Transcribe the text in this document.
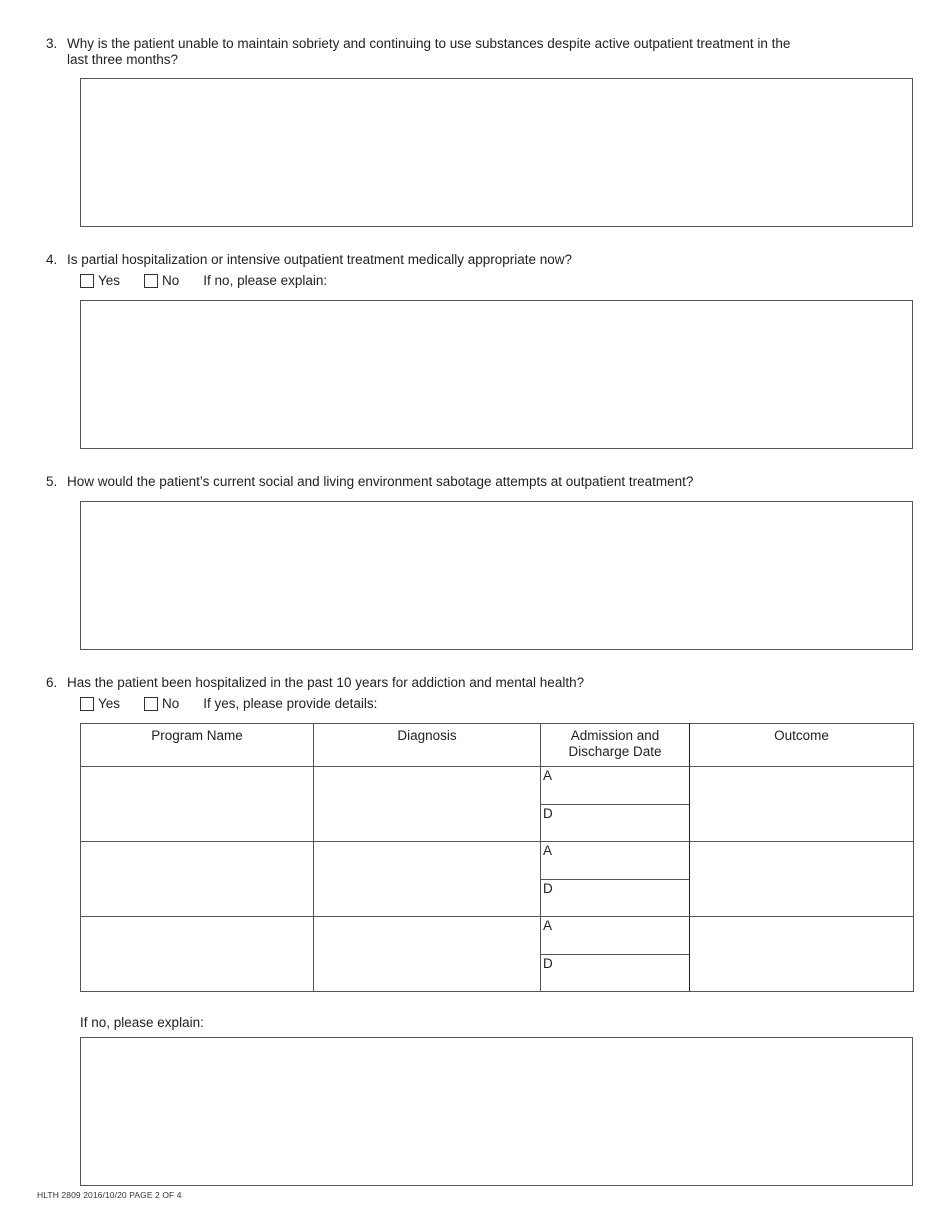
3. Why is the patient unable to maintain sobriety and continuing to use substances despite active outpatient treatment in the last three months?
4. Is partial hospitalization or intensive outpatient treatment medically appropriate now?
Yes	No If no, please explain:
5. How would the patient’s current social and living environment sabotage attempts at outpatient treatment?
6. Has the patient been hospitalized in the past 10 years for addiction and mental health?
Yes	No If yes, please provide details:
Program Name	Diagnosis	Admission and Discharge Date	Outcome

		A
D	

		A
D	

		A
D	

If no, please explain:
HLTH 2809 2016/10/20 PAGE 2 OF 4
